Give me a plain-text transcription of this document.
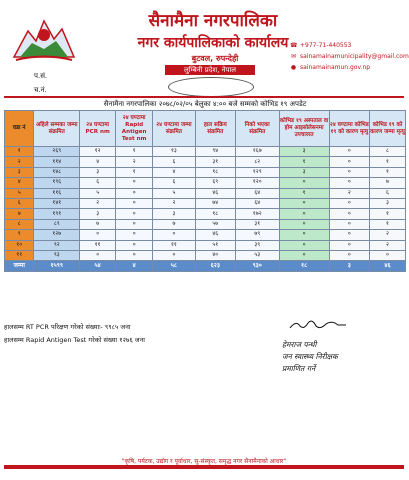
सैनामैना नगरपालिका
नगर कार्यपालिकाको कार्यालय
बुटवल, रुपन्देही
☎ +977-71-440553
✉ sainamainamunicipality@gmail.com
● sainamainamun.gov.np
लुम्बिनी प्रदेश, नेपाल
प.सं.
च.नं.
सैनामैना नगरपालिका २०७८/०२/०५ बेलुका ४:०० बजे सम्मको कोभिड १९ अपडेट
वडा नं	अहिले सम्मका जम्मा संक्रमित	२४ घण्टामा PCR nm	२४ घण्टामा Rapid Antigen Test nm	२४ घण्टामा जम्मा संक्रमित	हाल सक्रिय संक्रमित	निको भएका संक्रमित	कोभिड १९ अस्पताल वा होम आइसोलेसनमा उपचाररत	२४ घण्टामा कोभिड १९ को कारण मृत्यु	कोभिड १९ को कारण जम्मा मृत्यु
१	२६९	१२	१	१३	९४	१६७	३	०	८
२	११४	४	२	६	३१	८२	१	०	१
३	१४८	३	१	४	१८	१२९	३	०	१
४	१९६	६	०	६	६९	१२०	०	०	७
५	११६	५	०	५	४६	६४	१	२	६
६	१४१	२	०	२	७४	६४	०	०	३
७	१९१	३	०	३	१८	१७२	०	०	१
८	८९	७	०	७	५७	३१	०	०	१
९	१२७	०	०	०	४६	७९	०	०	२
१०	९२	११	०	११	५१	३९	०	०	२
११	९३	०	०	०	४०	५३	०	०	०
जम्मा	१५९९	५४	४	५८	६२३	९३०	१८	३	४६
हालसम्म RT PCR परिक्षण गरेको संख्याः- ९९८५ जना
हालसम्म Rapid Antigen Test गरेको संख्या १२७६ जना	हेमराज पन्थी
जन स्वास्थ्य निरीक्षक
प्रमाणित गर्ने
"कृषि, पर्यटक, उद्योग र पूर्वाधार, सु-संस्कृत, समृद्ध नगर सैनामैनाको आधार"
